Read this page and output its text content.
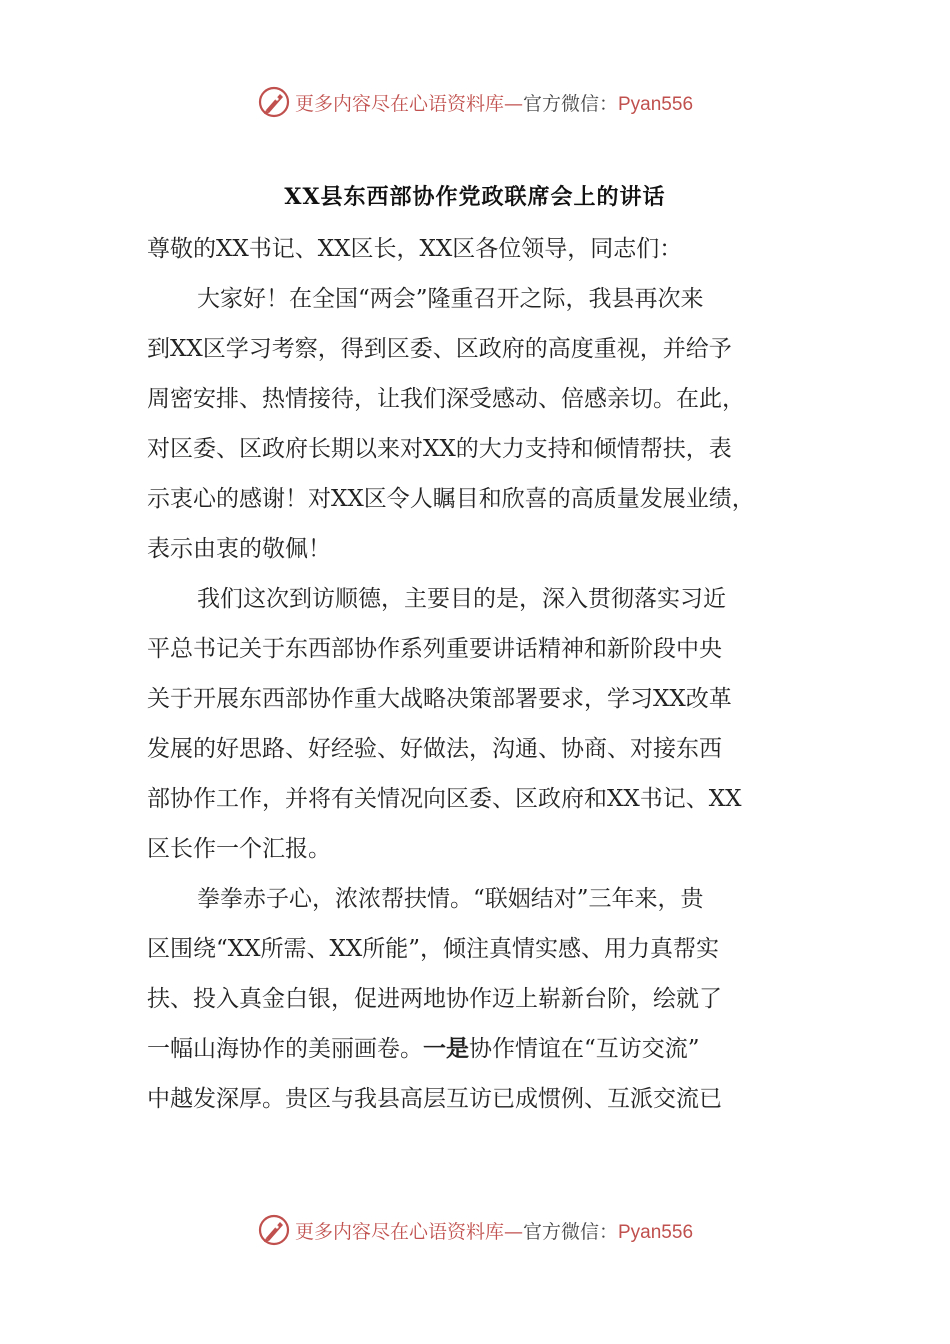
更多内容尽在心语资料库—官方微信：Pyan556
XX县东西部协作党政联席会上的讲话
尊敬的XX书记、XX区长，XX区各位领导，同志们：
大家好！在全国“两会”隆重召开之际，我县再次来
到XX区学习考察，得到区委、区政府的高度重视，并给予
周密安排、热情接待，让我们深受感动、倍感亲切。在此，
对区委、区政府长期以来对XX的大力支持和倾情帮扶，表
示衷心的感谢！对XX区令人瞩目和欣喜的高质量发展业绩，
表示由衷的敬佩！
我们这次到访顺德，主要目的是，深入贯彻落实习近
平总书记关于东西部协作系列重要讲话精神和新阶段中央
关于开展东西部协作重大战略决策部署要求，学习XX改革
发展的好思路、好经验、好做法，沟通、协商、对接东西
部协作工作，并将有关情况向区委、区政府和XX书记、XX
区长作一个汇报。
拳拳赤子心，浓浓帮扶情。“联姻结对”三年来，贵
区围绕“XX所需、XX所能”，倾注真情实感、用力真帮实
扶、投入真金白银，促进两地协作迈上崭新台阶，绘就了
一幅山海协作的美丽画卷。一是协作情谊在“互访交流”
中越发深厚。贵区与我县高层互访已成惯例、互派交流已
更多内容尽在心语资料库—官方微信：Pyan556
